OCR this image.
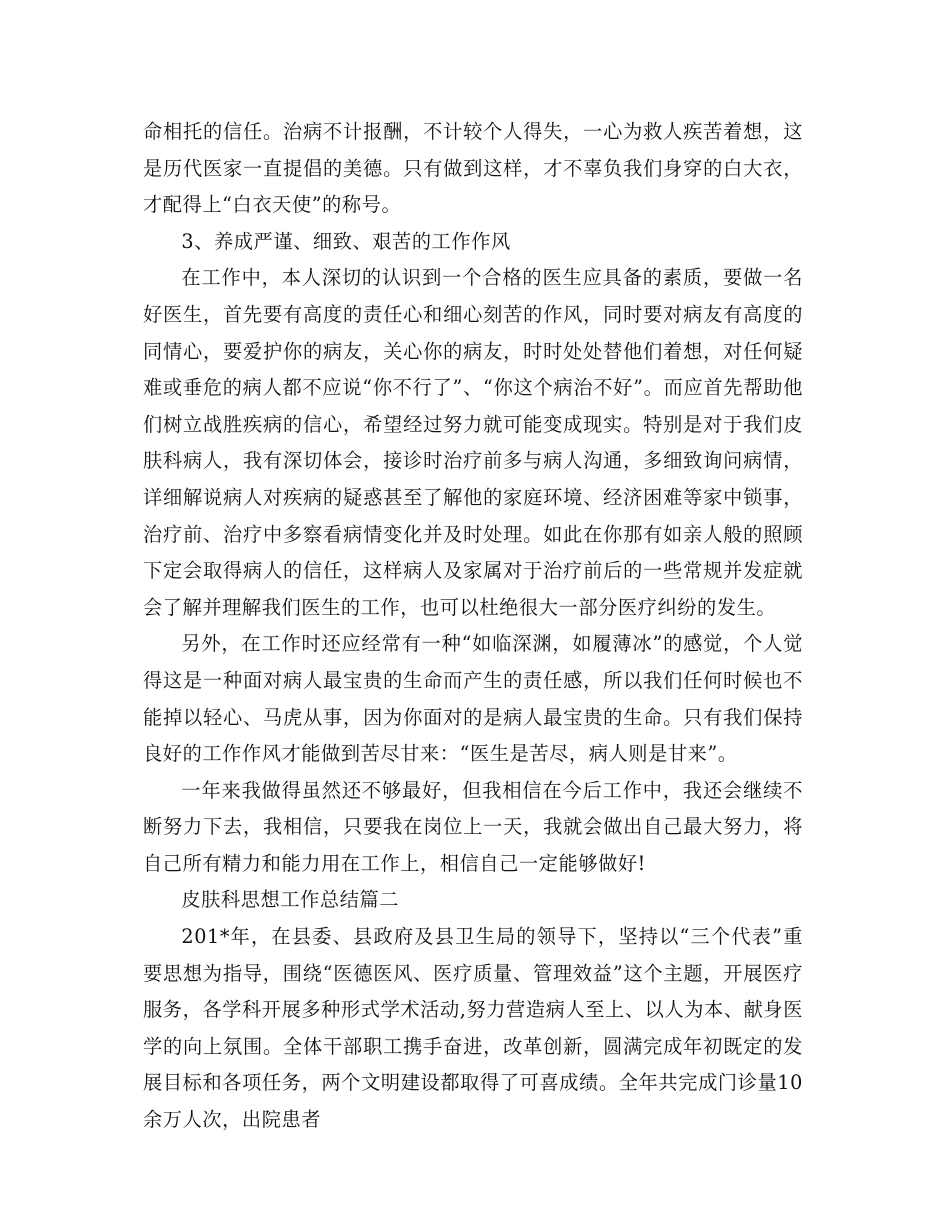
命相托的信任。治病不计报酬，不计较个人得失，一心为救人疾苦着想，这是历代医家一直提倡的美德。只有做到这样，才不辜负我们身穿的白大衣，才配得上“白衣天使”的称号。

3、养成严谨、细致、艰苦的工作作风

在工作中，本人深切的认识到一个合格的医生应具备的素质，要做一名好医生，首先要有高度的责任心和细心刻苦的作风，同时要对病友有高度的同情心，要爱护你的病友，关心你的病友，时时处处替他们着想，对任何疑难或垂危的病人都不应说“你不行了”、“你这个病治不好”。而应首先帮助他们树立战胜疾病的信心，希望经过努力就可能变成现实。特别是对于我们皮肤科病人，我有深切体会，接诊时治疗前多与病人沟通，多细致询问病情，详细解说病人对疾病的疑惑甚至了解他的家庭环境、经济困难等家中锁事，治疗前、治疗中多察看病情变化并及时处理。如此在你那有如亲人般的照顾下定会取得病人的信任，这样病人及家属对于治疗前后的一些常规并发症就会了解并理解我们医生的工作，也可以杜绝很大一部分医疗纠纷的发生。

另外，在工作时还应经常有一种“如临深渊，如履薄冰”的感觉，个人觉得这是一种面对病人最宝贵的生命而产生的责任感，所以我们任何时候也不能掉以轻心、马虎从事，因为你面对的是病人最宝贵的生命。只有我们保持良好的工作作风才能做到苦尽甘来：“医生是苦尽，病人则是甘来”。

一年来我做得虽然还不够最好，但我相信在今后工作中，我还会继续不断努力下去，我相信，只要我在岗位上一天，我就会做出自己最大努力，将自己所有精力和能力用在工作上，相信自己一定能够做好!

皮肤科思想工作总结篇二

201*年，在县委、县政府及县卫生局的领导下，坚持以“三个代表”重要思想为指导，围绕“医德医风、医疗质量、管理效益”这个主题，开展医疗服务，各学科开展多种形式学术活动,努力营造病人至上、以人为本、献身医学的向上氛围。全体干部职工携手奋进，改革创新，圆满完成年初既定的发展目标和各项任务，两个文明建设都取得了可喜成绩。全年共完成门诊量10余万人次，出院患者
